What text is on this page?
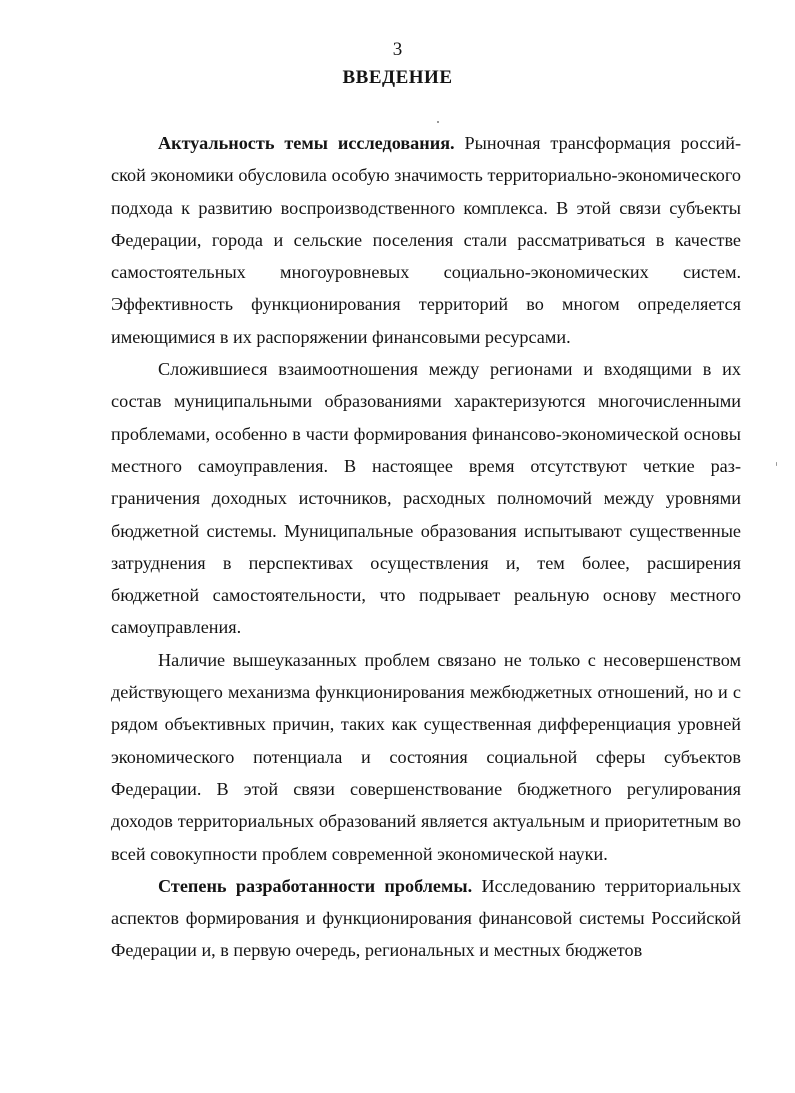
3
ВВЕДЕНИЕ

Актуальность темы исследования. Рыночная трансформация российской экономики обусловила особую значимость территориально-экономического подхода к развитию воспроизводственного комплекса. В этой связи субъекты Федерации, города и сельские поселения стали рассматриваться в качестве самостоятельных многоуровневых социально-экономических систем. Эффективность функционирования территорий во многом определяется имеющимися в их распоряжении финансовыми ресурсами.

Сложившиеся взаимоотношения между регионами и входящими в их состав муниципальными образованиями характеризуются многочисленными проблемами, особенно в части формирования финансово-экономической основы местного самоуправления. В настоящее время отсутствуют четкие разграничения доходных источников, расходных полномочий между уровнями бюджетной системы. Муниципальные образования испытывают существенные затруднения в перспективах осуществления и, тем более, расширения бюджетной самостоятельности, что подрывает реальную основу местного самоуправления.

Наличие вышеуказанных проблем связано не только с несовершенством действующего механизма функционирования межбюджетных отношений, но и с рядом объективных причин, таких как существенная дифференциация уровней экономического потенциала и состояния социальной сферы субъектов Федерации. В этой связи совершенствование бюджетного регулирования доходов территориальных образований является актуальным и приоритетным во всей совокупности проблем современной экономической науки.

Степень разработанности проблемы. Исследованию территориальных аспектов формирования и функционирования финансовой системы Российской Федерации и, в первую очередь, региональных и местных бюджетов
